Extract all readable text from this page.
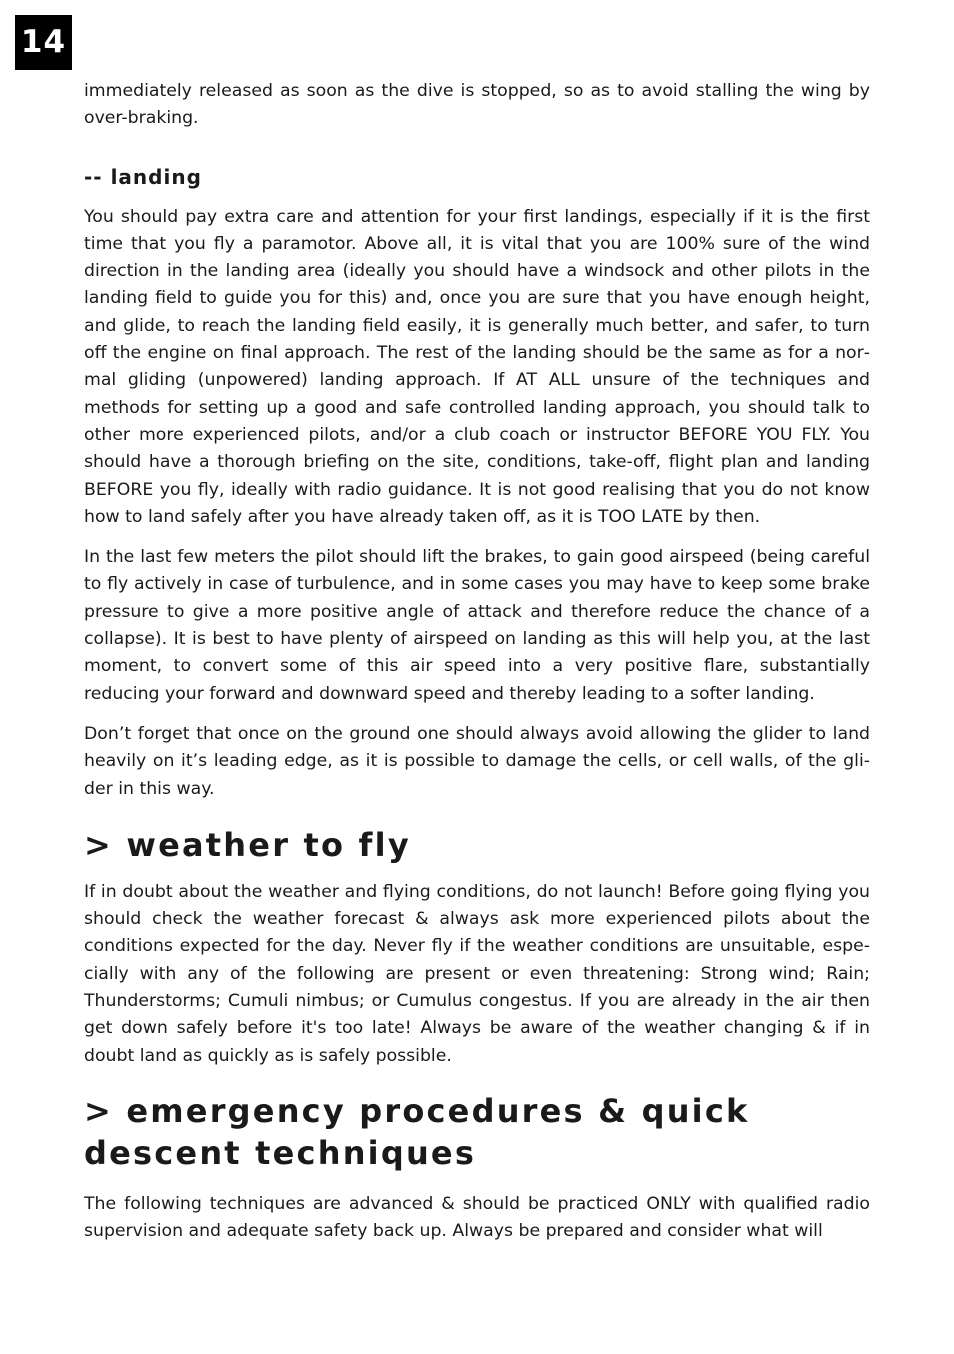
14

immediately released as soon as the dive is stopped, so as to avoid stalling the wing by over-braking.

-- landing

You should pay extra care and attention for your first landings, especially if it is the first time that you fly a paramotor. Above all, it is vital that you are 100% sure of the wind direction in the landing area (ideally you should have a windsock and other pilots in the landing field to guide you for this) and, once you are sure that you have enough height, and glide, to reach the landing field easily, it is generally much better, and safer, to turn off the engine on final approach. The rest of the landing should be the same as for a normal gliding (unpowered) landing approach. If AT ALL unsure of the techniques and methods for setting up a good and safe controlled landing approach, you should talk to other more experienced pilots, and/or a club coach or instructor BEFORE YOU FLY. You should have a thorough briefing on the site, conditions, take-off, flight plan and landing BEFORE you fly, ideally with radio guidance. It is not good realising that you do not know how to land safely after you have already taken off, as it is TOO LATE by then.

In the last few meters the pilot should lift the brakes, to gain good airspeed (being careful to fly actively in case of turbulence, and in some cases you may have to keep some brake pressure to give a more positive angle of attack and therefore reduce the chance of a collapse). It is best to have plenty of airspeed on landing as this will help you, at the last moment, to convert some of this air speed into a very positive flare, substantially reducing your forward and downward speed and thereby leading to a softer landing.

Don’t forget that once on the ground one should always avoid allowing the glider to land heavily on it’s leading edge, as it is possible to damage the cells, or cell walls, of the glider in this way.

> weather to fly

If in doubt about the weather and flying conditions, do not launch! Before going flying you should check the weather forecast & always ask more experienced pilots about the conditions expected for the day. Never fly if the weather conditions are unsuitable, especially with any of the following are present or even threatening: Strong wind; Rain; Thunderstorms; Cumuli nimbus; or Cumulus congestus. If you are already in the air then get down safely before it's too late! Always be aware of the weather changing & if in doubt land as quickly as is safely possible.

> emergency procedures & quick descent techniques

The following techniques are advanced & should be practiced ONLY with qualified radio supervision and adequate safety back up. Always be prepared and consider what will
